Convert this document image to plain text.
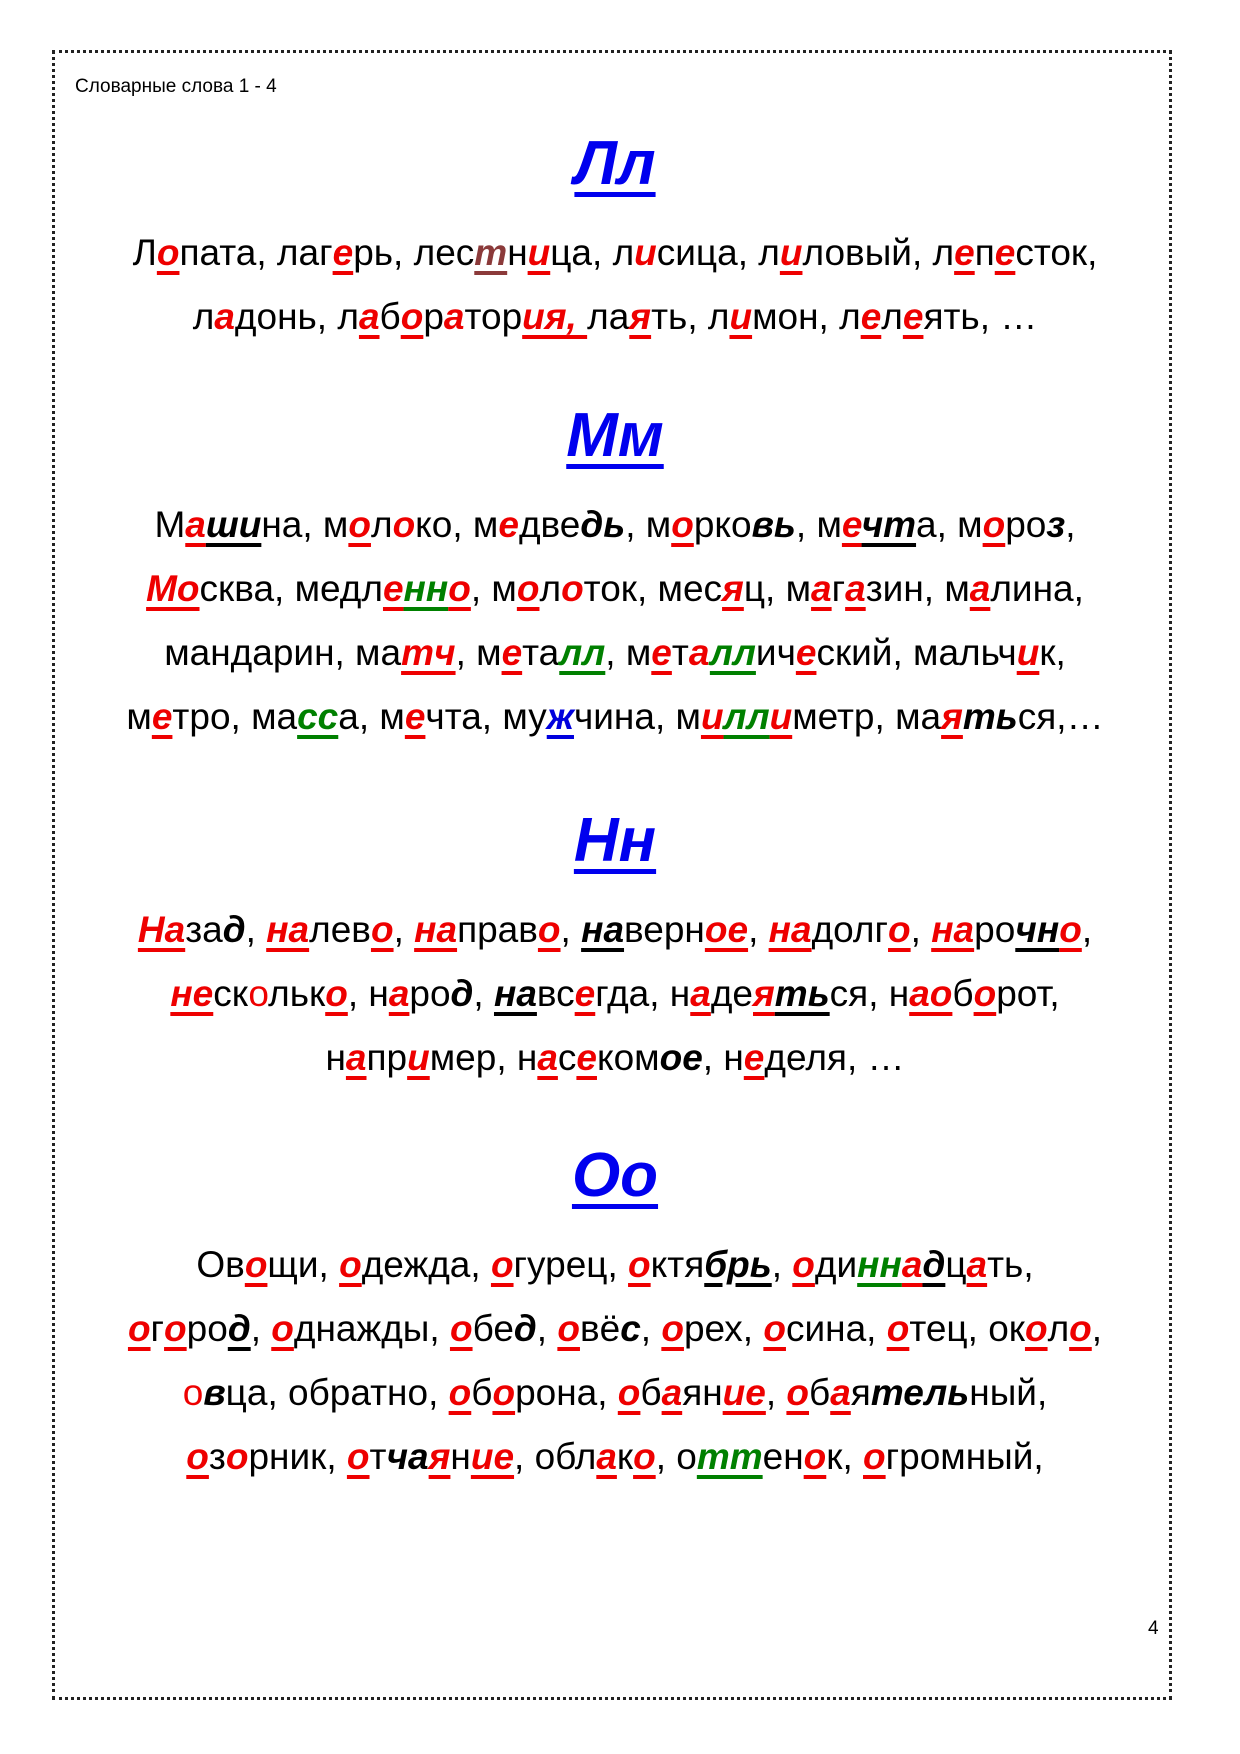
Словарные слова 1 - 4
4
Лл
Лопата, лагерь, лестница, лисица, лиловый, лепесток,
ладонь, лаборатория, лаять, лимон, лелеять, …
Мм
Машина, молоко, медведь, морковь, мечта, мороз,
Москва, медленно, молоток, месяц, магазин, малина,
мандарин, матч, металл, металлический, мальчик,
метро, масса, мечта, мужчина, миллиметр, маяться,…
Нн
Назад, налево, направо, наверное, надолго, нарочно,
несколько, народ, навсегда, надеяться, наоборот,
например, насекомое, неделя, …
Оо
Овощи, одежда, огурец, октябрь, одиннадцать,
огород, однажды, обед, овёс, орех, осина, отец, около,
овца, обратно, оборона, обаяние, обаятельный,
озорник, отчаяние, облако, оттенок, огромный,
